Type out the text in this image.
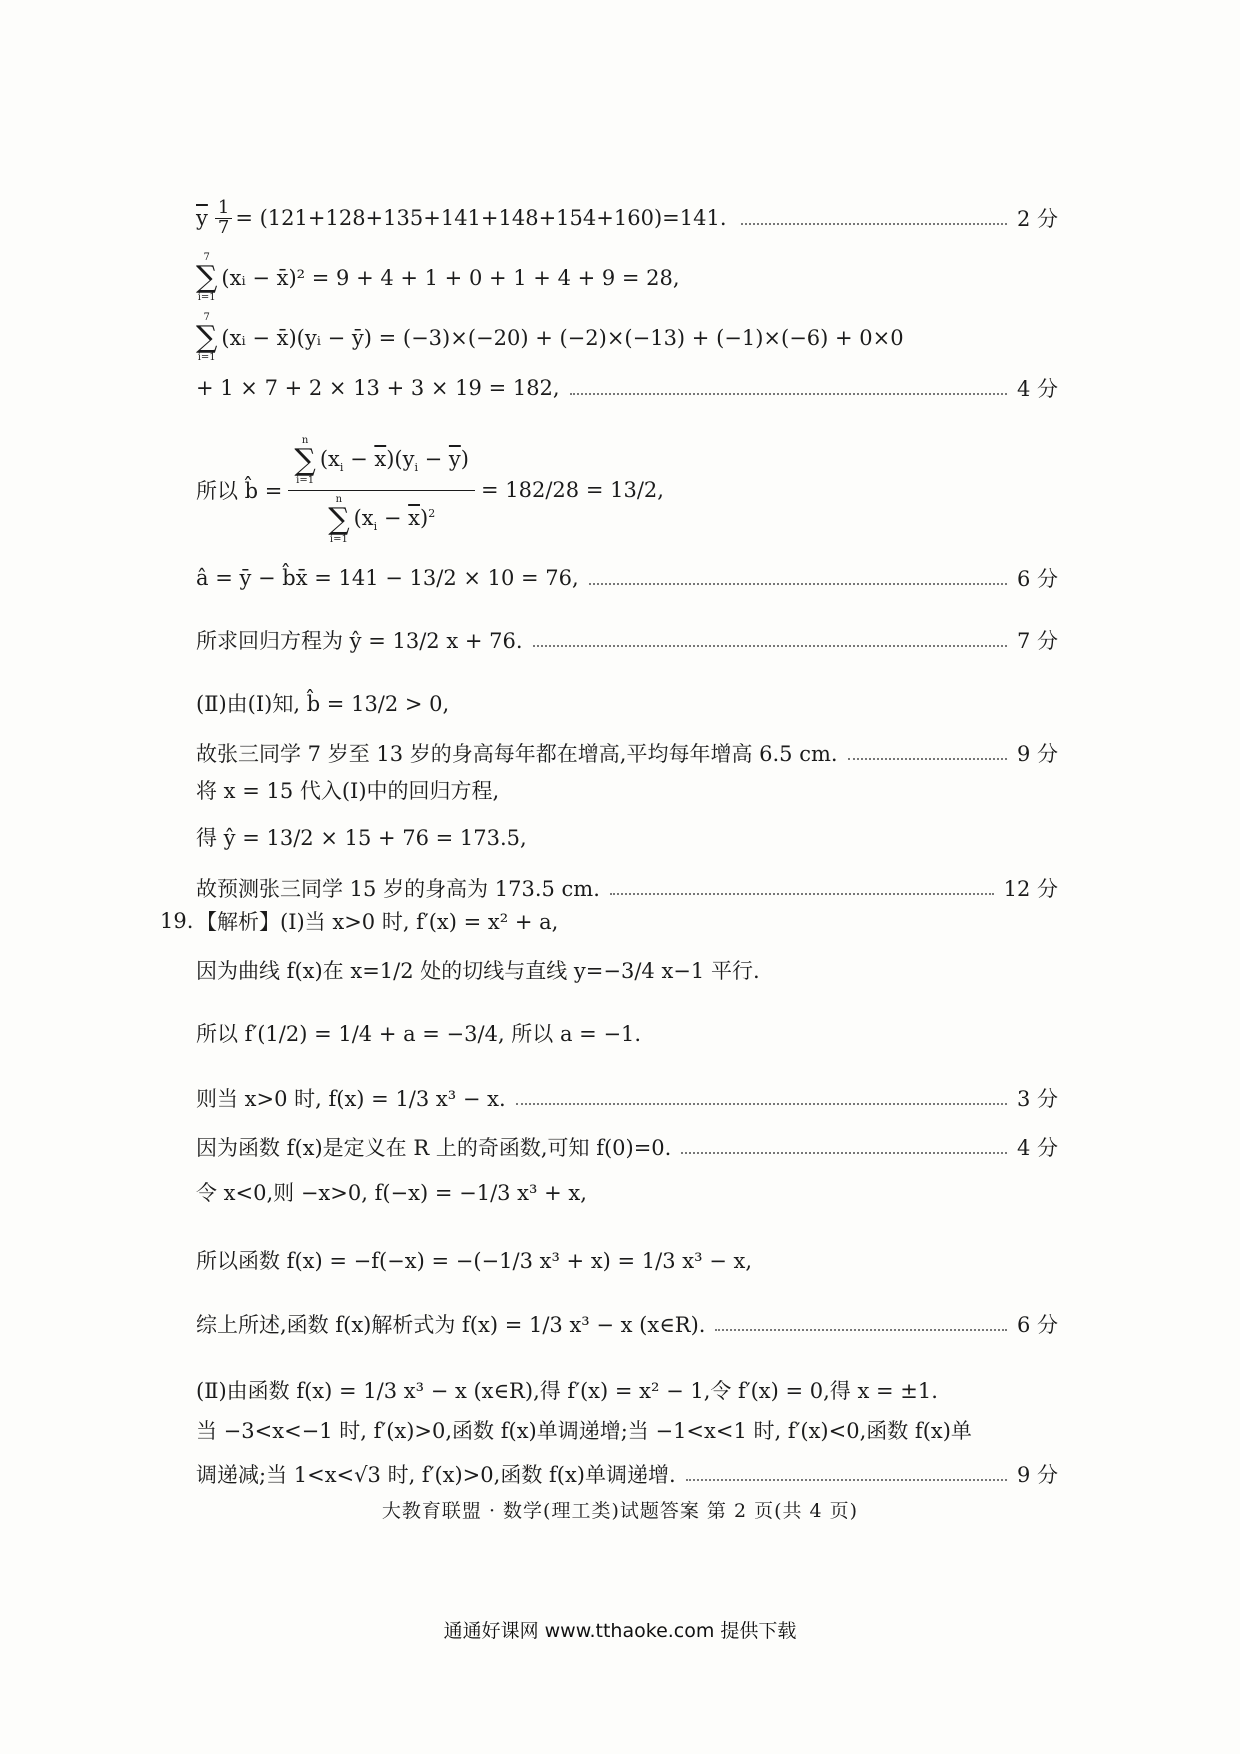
$\overline{y} \frac{1}{7} = (121+128+135+141+148+154+160)=141$.	2 分
7
∑
i=1
(xᵢ − x̄)² = 9 + 4 + 1 + 0 + 1 + 4 + 9 = 28,
7
∑
i=1
(xᵢ − x̄)(yᵢ − ȳ) = (−3)×(−20) + (−2)×(−13) + (−1)×(−6) + 0×0
+ 1 × 7 + 2 × 13 + 3 × 19 = 182,	4 分
所以 b̂ = n
∑
i=1
$(x_i - \overline{x})(y_i - \overline{y})$
n
∑
i=1
$(x_i - \overline{x})^2 = 182/28 = 13/2$,
â = ȳ − b̂x̄ = 141 − 13/2 × 10 = 76,	6 分
所求回归方程为 ŷ = 13/2 x + 76.	7 分
(Ⅱ)由(Ⅰ)知, b̂ = 13/2 > 0,
故张三同学 7 岁至 13 岁的身高每年都在增高,平均每年增高 6.5 cm.	9 分
将 x = 15 代入(Ⅰ)中的回归方程,
得 ŷ = 13/2 × 15 + 76 = 173.5,
故预测张三同学 15 岁的身高为 173.5 cm.	12 分
19. 【解析】(Ⅰ)当 x>0 时, f′(x) = x² + a,
因为曲线 f(x)在 x=1/2 处的切线与直线 y=−3/4 x−1 平行.
所以 f′(1/2) = 1/4 + a = −3/4, 所以 a = −1.
则当 x>0 时, f(x) = 1/3 x³ − x.	3 分
因为函数 f(x)是定义在 R 上的奇函数,可知 f(0)=0.	4 分
令 x<0,则 −x>0, f(−x) = −1/3 x³ + x,
所以函数 f(x) = −f(−x) = −(−1/3 x³ + x) = 1/3 x³ − x,
综上所述,函数 f(x)解析式为 f(x) = 1/3 x³ − x (x∈R).	6 分
(Ⅱ)由函数 f(x) = 1/3 x³ − x (x∈R),得 f′(x) = x² − 1,令 f′(x) = 0,得 x = ±1.
当 −3<x<−1 时, f′(x)>0,函数 f(x)单调递增;当 −1<x<1 时, f′(x)<0,函数 f(x)单
调递减;当 1<x<√3 时, f′(x)>0,函数 f(x)单调递增.	9 分
大教育联盟 · 数学(理工类)试题答案 第 2 页(共 4 页)
通通好课网 www.tthaoke.com 提供下载
